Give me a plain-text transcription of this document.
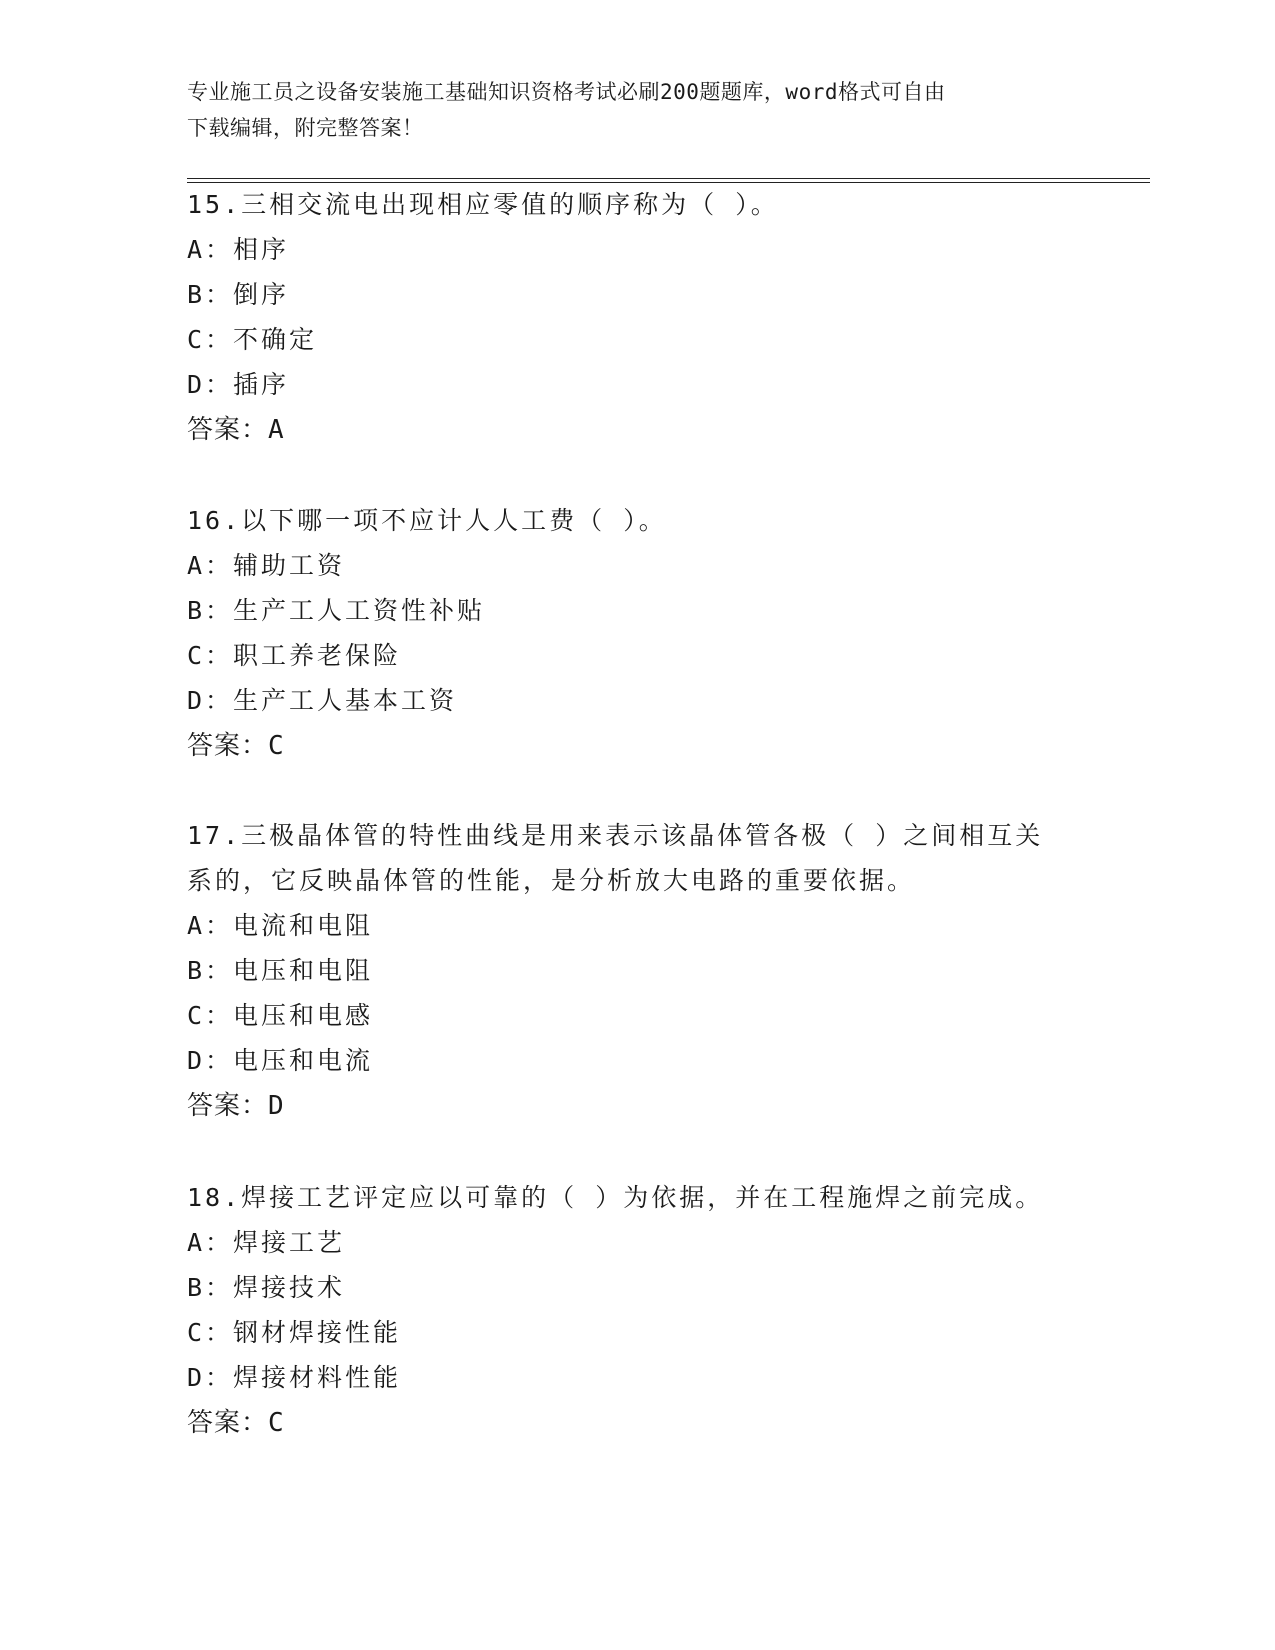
专业施工员之设备安装施工基础知识资格考试必刷200题题库，word格式可自由
下载编辑，附完整答案！
15.三相交流电出现相应零值的顺序称为（ ）。
A：相序
B：倒序
C：不确定
D：插序
答案：A
16.以下哪一项不应计人人工费（ ）。
A：辅助工资
B：生产工人工资性补贴
C：职工养老保险
D：生产工人基本工资
答案：C
17.三极晶体管的特性曲线是用来表示该晶体管各极（ ）之间相互关
系的，它反映晶体管的性能，是分析放大电路的重要依据。
A：电流和电阻
B：电压和电阻
C：电压和电感
D：电压和电流
答案：D
18.焊接工艺评定应以可靠的（ ）为依据，并在工程施焊之前完成。
A：焊接工艺
B：焊接技术
C：钢材焊接性能
D：焊接材料性能
答案：C
